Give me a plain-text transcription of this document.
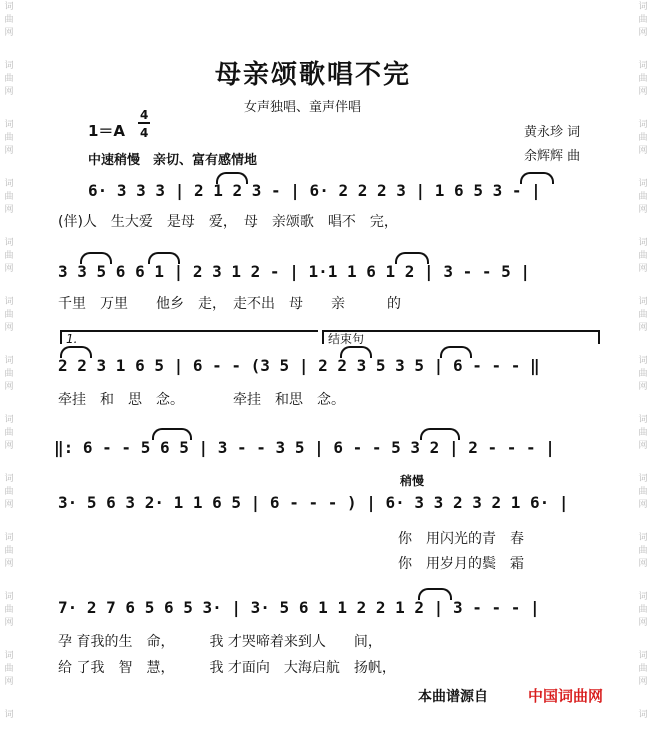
词
曲
网
词
曲
网
词
曲
网
词
曲
网
词
曲
网
词
曲
网
词
曲
网
词
曲
网
词
曲
网
词
曲
网
词
曲
网
词
曲
网
词
词
曲
网
词
曲
网
词
曲
网
词
曲
网
词
曲
网
词
曲
网
词
曲
网
词
曲
网
词
曲
网
词
曲
网
词
曲
网
词
曲
网
词
母亲颂歌唱不完
女声独唱、童声伴唱
1＝A
4
4
中速稍慢　亲切、富有感情地
黄永珍 词
余辉辉 曲
6· 3 3 3 | 2 1 2 3 - | 6· 2 2 2 3 | 1 6 5 3 - |
(伴)人　生大爱　是母　爱，　母　亲颂歌　唱不　完，
3 3 5 6 6 1 | 2 3 1 2 - | 1·1 1 6 1 2 | 3 - - 5 |
千里　万里　　他乡　走，　走不出　母　　亲　　　的
1.	结束句
2 2 3 1 6 5 | 6 - - (3 5 | 2 2 3 5 3 5 | 6 - - - ‖
牵挂　和　思　念。　　　　牵挂　和思　念。
‖: 6 - - 5 6 5 | 3 - - 3 5 | 6 - - 5 3 2 | 2 - - - |
稍慢
3· 5 6 3 2· 1 1 6 5 | 6 - - - ) | 6· 3 3 2 3 2 1 6· |
你　用闪光的青　春
你　用岁月的鬓　霜
7· 2 7 6 5 6 5 3· | 3· 5 6 1 1 2 2 1 2 | 3 - - - |
孕 育我的生　命，　　　我 才哭啼着来到人　　间，
给 了我　智　慧，　　　我 才面向　大海启航　扬帆，
本曲谱源自	中国词曲网
